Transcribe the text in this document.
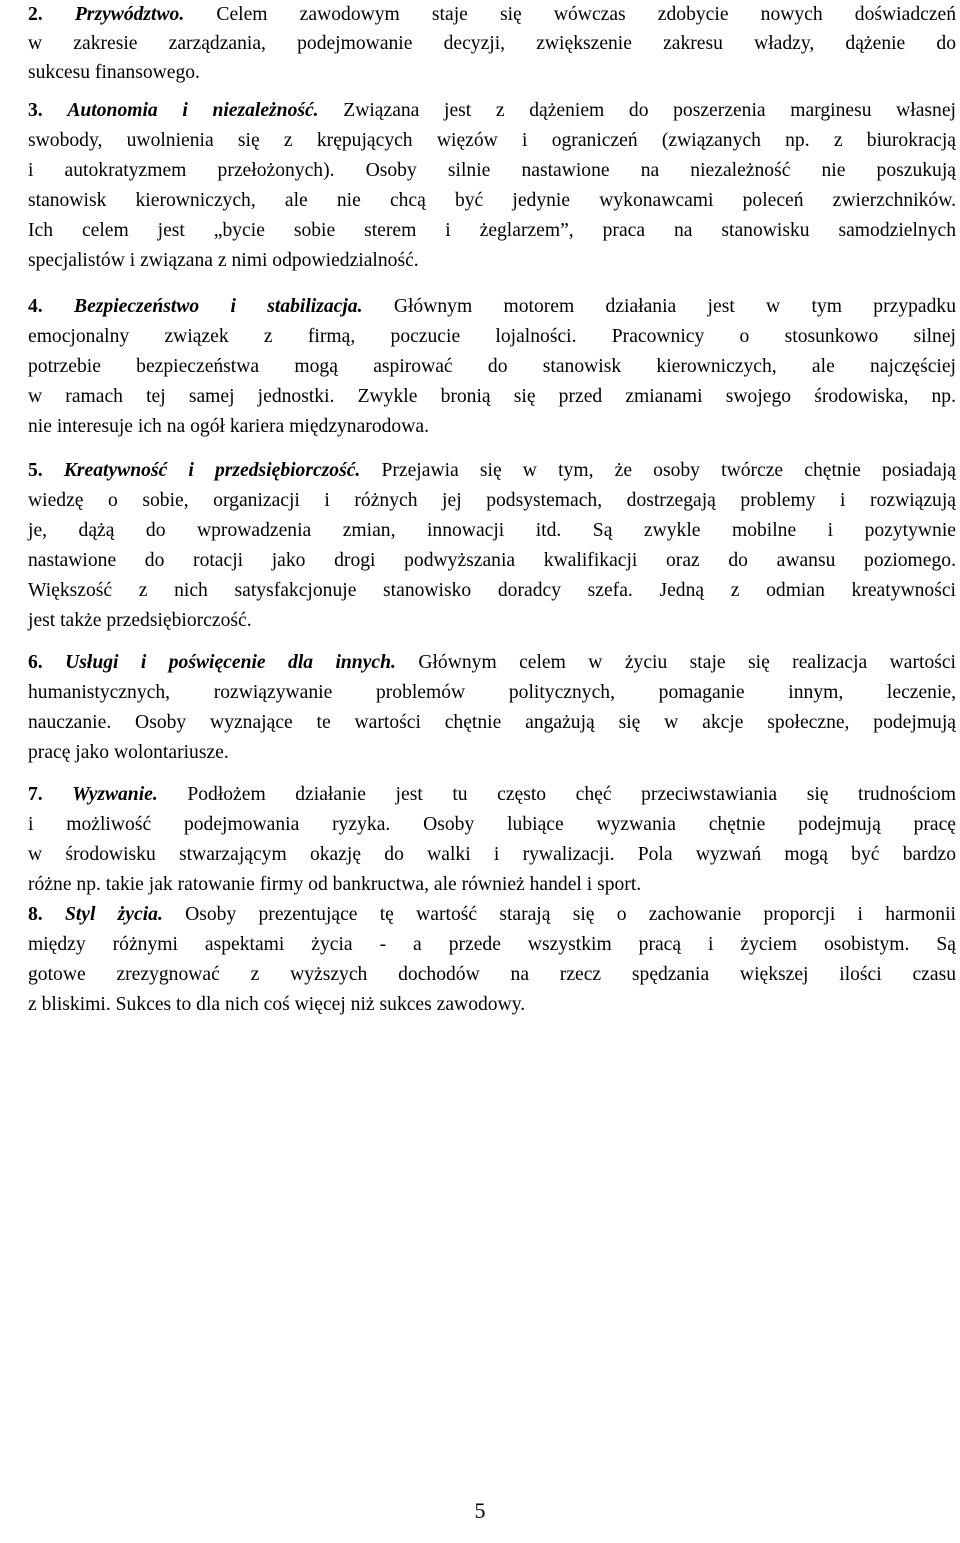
2. Przywództwo. Celem zawodowym staje się wówczas zdobycie nowych doświadczeń
w zakresie zarządzania, podejmowanie decyzji, zwiększenie zakresu władzy, dążenie do
sukcesu finansowego.
3. Autonomia i niezależność. Związana jest z dążeniem do poszerzenia marginesu własnej
swobody, uwolnienia się z krępujących więzów i ograniczeń (związanych np. z biurokracją
i autokratyzmem przełożonych). Osoby silnie nastawione na niezależność nie poszukują
stanowisk kierowniczych, ale nie chcą być jedynie wykonawcami poleceń zwierzchników.
Ich celem jest „bycie sobie sterem i żeglarzem”, praca na stanowisku samodzielnych
specjalistów i związana z nimi odpowiedzialność.
4. Bezpieczeństwo i stabilizacja. Głównym motorem działania jest w tym przypadku
emocjonalny związek z firmą, poczucie lojalności. Pracownicy o stosunkowo silnej
potrzebie bezpieczeństwa mogą aspirować do stanowisk kierowniczych, ale najczęściej
w ramach tej samej jednostki. Zwykle bronią się przed zmianami swojego środowiska, np.
nie interesuje ich na ogół kariera międzynarodowa.
5. Kreatywność i przedsiębiorczość. Przejawia się w tym, że osoby twórcze chętnie posiadają
wiedzę o sobie, organizacji i różnych jej podsystemach, dostrzegają problemy i rozwiązują
je, dążą do wprowadzenia zmian, innowacji itd. Są zwykle mobilne i pozytywnie
nastawione do rotacji jako drogi podwyższania kwalifikacji oraz do awansu poziomego.
Większość z nich satysfakcjonuje stanowisko doradcy szefa. Jedną z odmian kreatywności
jest także przedsiębiorczość.
6. Usługi i poświęcenie dla innych. Głównym celem w życiu staje się realizacja wartości
humanistycznych, rozwiązywanie problemów politycznych, pomaganie innym, leczenie,
nauczanie. Osoby wyznające te wartości chętnie angażują się w akcje społeczne, podejmują
pracę jako wolontariusze.
7. Wyzwanie. Podłożem działanie jest tu często chęć przeciwstawiania się trudnościom
i możliwość podejmowania ryzyka. Osoby lubiące wyzwania chętnie podejmują pracę
w środowisku stwarzającym okazję do walki i rywalizacji. Pola wyzwań mogą być bardzo
różne np. takie jak ratowanie firmy od bankructwa, ale również handel i sport.
8. Styl życia. Osoby prezentujące tę wartość starają się o zachowanie proporcji i harmonii
między różnymi aspektami życia - a przede wszystkim pracą i życiem osobistym. Są
gotowe zrezygnować z wyższych dochodów na rzecz spędzania większej ilości czasu
z bliskimi. Sukces to dla nich coś więcej niż sukces zawodowy.
5
